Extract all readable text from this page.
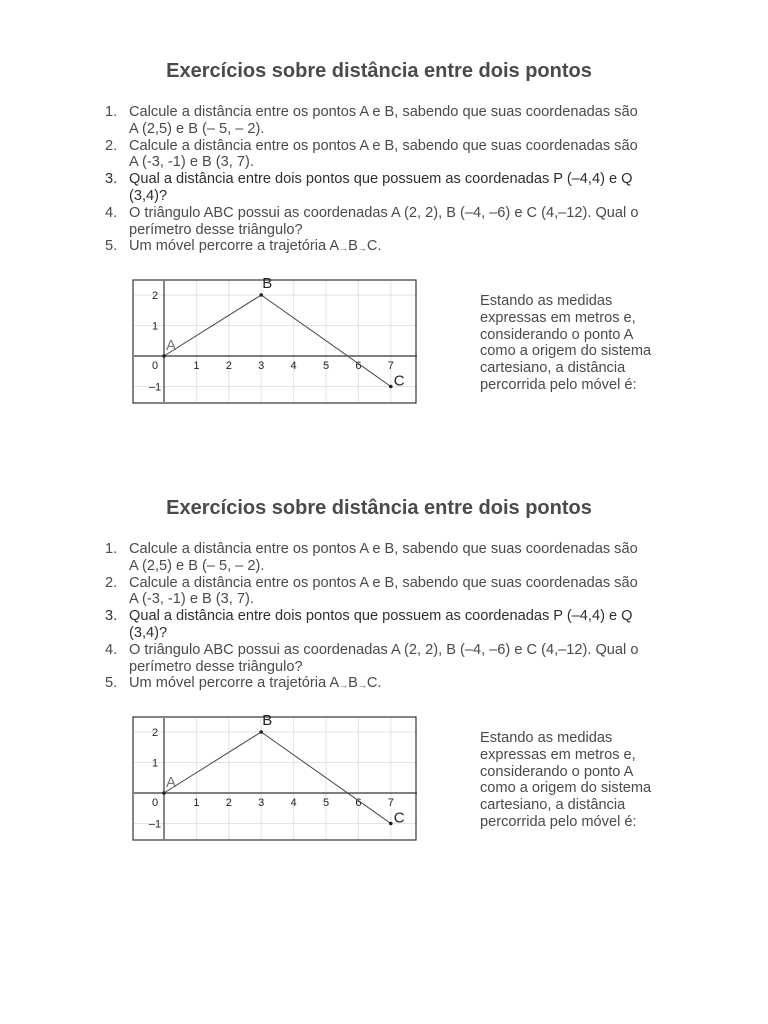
Exercícios sobre distância entre dois pontos
1. Calcule a distância entre os pontos A e B, sabendo que suas coordenadas são
A (2,5) e B (– 5, – 2).
2. Calcule a distância entre os pontos A e B, sabendo que suas coordenadas são
A (-3, -1) e B (3, 7).
3. Qual a distância entre dois pontos que possuem as coordenadas P (–4,4) e Q
(3,4)?
4. O triângulo ABC possui as coordenadas A (2, 2), B (–4, –6) e C (4,–12). Qual o
perímetro desse triângulo?
5. Um móvel percorre a trajetória A→B→C.
0	1 2 3 4 5 6 7
2
1
–1
A
B
C
Estando as medidas
expressas em metros e,
considerando o ponto A
como a origem do sistema
cartesiano, a distância
percorrida pelo móvel é:
Exercícios sobre distância entre dois pontos
1. Calcule a distância entre os pontos A e B, sabendo que suas coordenadas são
A (2,5) e B (– 5, – 2).
2. Calcule a distância entre os pontos A e B, sabendo que suas coordenadas são
A (-3, -1) e B (3, 7).
3. Qual a distância entre dois pontos que possuem as coordenadas P (–4,4) e Q
(3,4)?
4. O triângulo ABC possui as coordenadas A (2, 2), B (–4, –6) e C (4,–12). Qual o
perímetro desse triângulo?
5. Um móvel percorre a trajetória A→B→C.
0	1 2 3 4 5 6 7
2
1
–1
A
B
C
Estando as medidas
expressas em metros e,
considerando o ponto A
como a origem do sistema
cartesiano, a distância
percorrida pelo móvel é:
